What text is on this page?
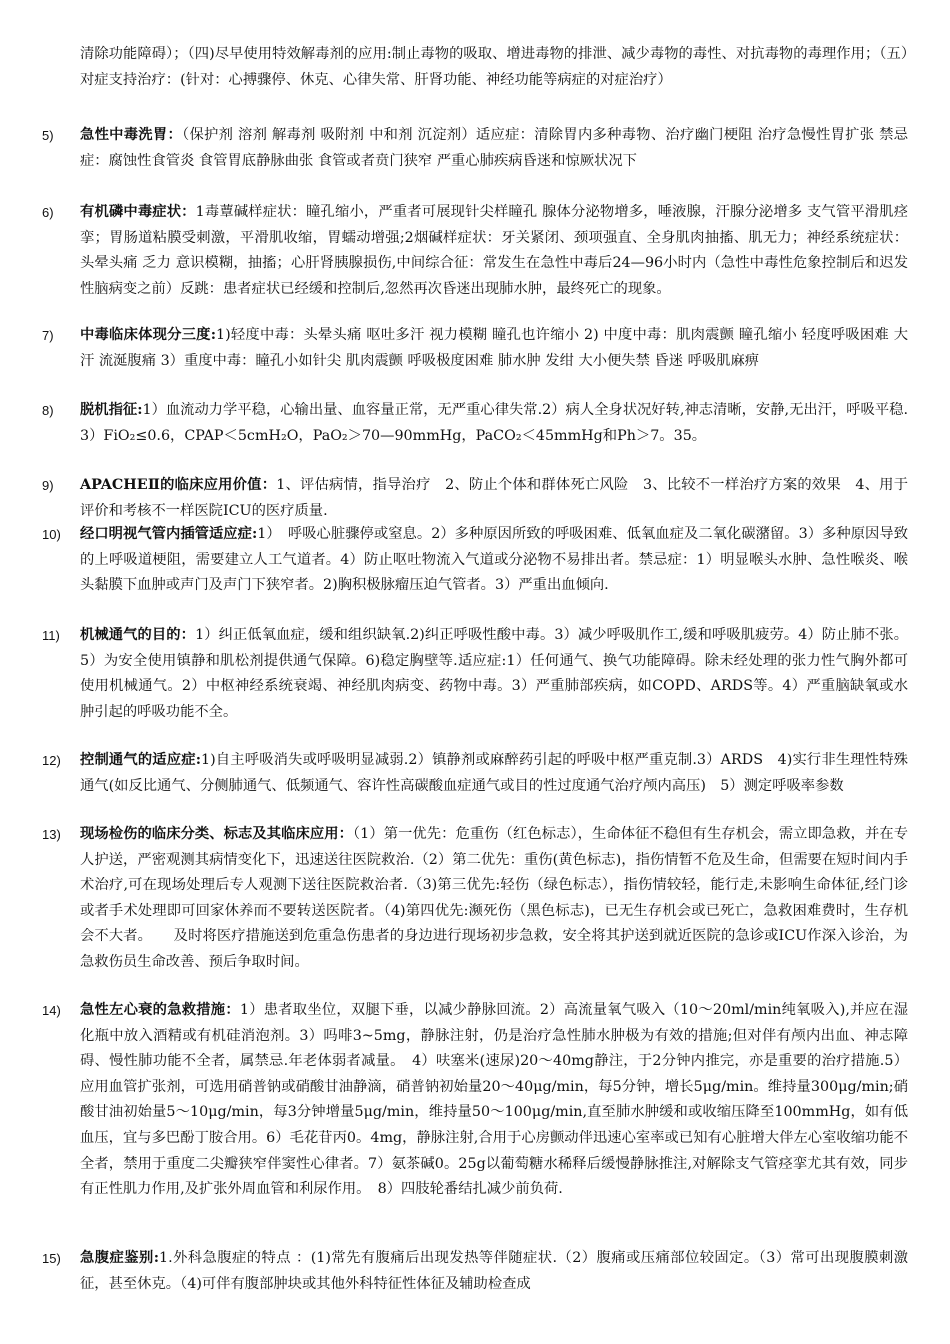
清除功能障碍）；（四)尽早使用特效解毒剂的应用:制止毒物的吸取、增进毒物的排泄、减少毒物的毒性、对抗毒物的毒理作用；（五）对症支持治疗：(针对：心搏骤停、休克、心律失常、肝肾功能、神经功能等病症的对症治疗）
5)	急性中毒洗胃：（保护剂 溶剂 解毒剂 吸附剂 中和剂 沉淀剂）适应症：清除胃内多种毒物、治疗幽门梗阻 治疗急慢性胃扩张 禁忌症：腐蚀性食管炎 食管胃底静脉曲张 食管或者贲门狭窄 严重心肺疾病昏迷和惊厥状况下
6)	有机磷中毒症状：1毒蕈碱样症状：瞳孔缩小，严重者可展现针尖样瞳孔 腺体分泌物增多，唾液腺，汗腺分泌增多 支气管平滑肌痉挛；胃肠道粘膜受刺激，平滑肌收缩，胃蠕动增强;2烟碱样症状：牙关紧闭、颈项强直、全身肌肉抽搐、肌无力；神经系统症状：头晕头痛 乏力 意识模糊，抽搐；心肝肾胰腺损伤,中间综合征：常发生在急性中毒后24—96小时内（急性中毒性危象控制后和迟发性脑病变之前）反跳：患者症状已经缓和控制后,忽然再次昏迷出现肺水肿，最终死亡的现象。
7)	中毒临床体现分三度:1)轻度中毒：头晕头痛 呕吐多汗 视力模糊 瞳孔也许缩小 2) 中度中毒：肌肉震颤 瞳孔缩小 轻度呼吸困难 大汗 流涎腹痛 3）重度中毒：瞳孔小如针尖 肌肉震颤 呼吸极度困难 肺水肿 发绀 大小便失禁 昏迷 呼吸肌麻痹
8)	脱机指征:1）血流动力学平稳，心输出量、血容量正常，无严重心律失常.2）病人全身状况好转,神志清晰，安静,无出汗，呼吸平稳.3）FiO₂≤0.6，CPAP＜5cmH₂O，PaO₂＞70—90mmHg，PaCO₂＜45mmHg和Ph＞7。35。
9)	APACHEⅡ的临床应用价值：1、评估病情，指导治疗　2、防止个体和群体死亡风险　3、比较不一样治疗方案的效果　4、用于评价和考核不一样医院ICU的医疗质量.
10)	经口明视气管内插管适应症:1）　呼吸心脏骤停或窒息。2）多种原因所致的呼吸困难、低氧血症及二氧化碳潴留。3）多种原因导致的上呼吸道梗阻，需要建立人工气道者。4）防止呕吐物流入气道或分泌物不易排出者。禁忌症：1）明显喉头水肿、急性喉炎、喉头黏膜下血肿或声门及声门下狭窄者。2)胸积极脉瘤压迫气管者。3）严重出血倾向.
11)	机械通气的目的：1）纠正低氧血症，缓和组织缺氧.2)纠正呼吸性酸中毒。3）减少呼吸肌作工,缓和呼吸肌疲劳。4）防止肺不张。5）为安全使用镇静和肌松剂提供通气保障。6)稳定胸壁等.适应症:1）任何通气、换气功能障碍。除未经处理的张力性气胸外都可使用机械通气。2）中枢神经系统衰竭、神经肌肉病变、药物中毒。3）严重肺部疾病，如COPD、ARDS等。4）严重脑缺氧或水肿引起的呼吸功能不全。
12)	控制通气的适应症:1)自主呼吸消失或呼吸明显减弱.2）镇静剂或麻醉药引起的呼吸中枢严重克制.3）ARDS　4)实行非生理性特殊通气(如反比通气、分侧肺通气、低频通气、容许性高碳酸血症通气或目的性过度通气治疗颅内高压)　5）测定呼吸率参数
13)	现场检伤的临床分类、标志及其临床应用：（1）第一优先：危重伤（红色标志），生命体征不稳但有生存机会，需立即急救，并在专人护送，严密观测其病情变化下，迅速送往医院救治.（2）第二优先：重伤(黄色标志)，指伤情暂不危及生命，但需要在短时间内手术治疗,可在现场处理后专人观测下送往医院救治者.（3)第三优先:轻伤（绿色标志），指伤情较轻，能行走,未影响生命体征,经门诊或者手术处理即可回家休养而不要转送医院者。（4)第四优先:濒死伤（黑色标志)，已无生存机会或已死亡，急救困难费时，生存机会不大者。　　及时将医疗措施送到危重急伤患者的身边进行现场初步急救，安全将其护送到就近医院的急诊或ICU作深入诊治，为急救伤员生命改善、预后争取时间。
14)	急性左心衰的急救措施：1）患者取坐位，双腿下垂，以减少静脉回流。2）高流量氧气吸入（10～20ml/min纯氧吸入),并应在湿化瓶中放入酒精或有机硅消泡剂。3）吗啡3~5mg，静脉注射，仍是治疗急性肺水肿极为有效的措施;但对伴有颅内出血、神志障碍、慢性肺功能不全者，属禁忌.年老体弱者减量。　4）呋塞米(速尿)20～40mg静注，于2分钟内推完，亦是重要的治疗措施.5）应用血管扩张剂，可选用硝普钠或硝酸甘油静滴，硝普钠初始量20～40μg/min，每5分钟，增长5μg/min。维持量300μg/min;硝酸甘油初始量5～10μg/min，每3分钟增量5μg/min，维持量50～100μg/min,直至肺水肿缓和或收缩压降至100mmHg，如有低血压，宜与多巴酚丁胺合用。6）毛花苷丙0。4mg，静脉注射,合用于心房颤动伴迅速心室率或已知有心脏增大伴左心室收缩功能不全者，禁用于重度二尖瓣狭窄伴窦性心律者。7）氨茶碱0。25g以葡萄糖水稀释后缓慢静脉推注,对解除支气管痉挛尤其有效，同步有正性肌力作用,及扩张外周血管和利尿作用。　8）四肢轮番结扎减少前负荷.
15)	急腹症鉴别:1.外科急腹症的特点 ：(1)常先有腹痛后出现发热等伴随症状.（2）腹痛或压痛部位较固定。（3）常可出现腹膜刺激征，甚至休克。（4)可伴有腹部肿块或其他外科特征性体征及辅助检查成
